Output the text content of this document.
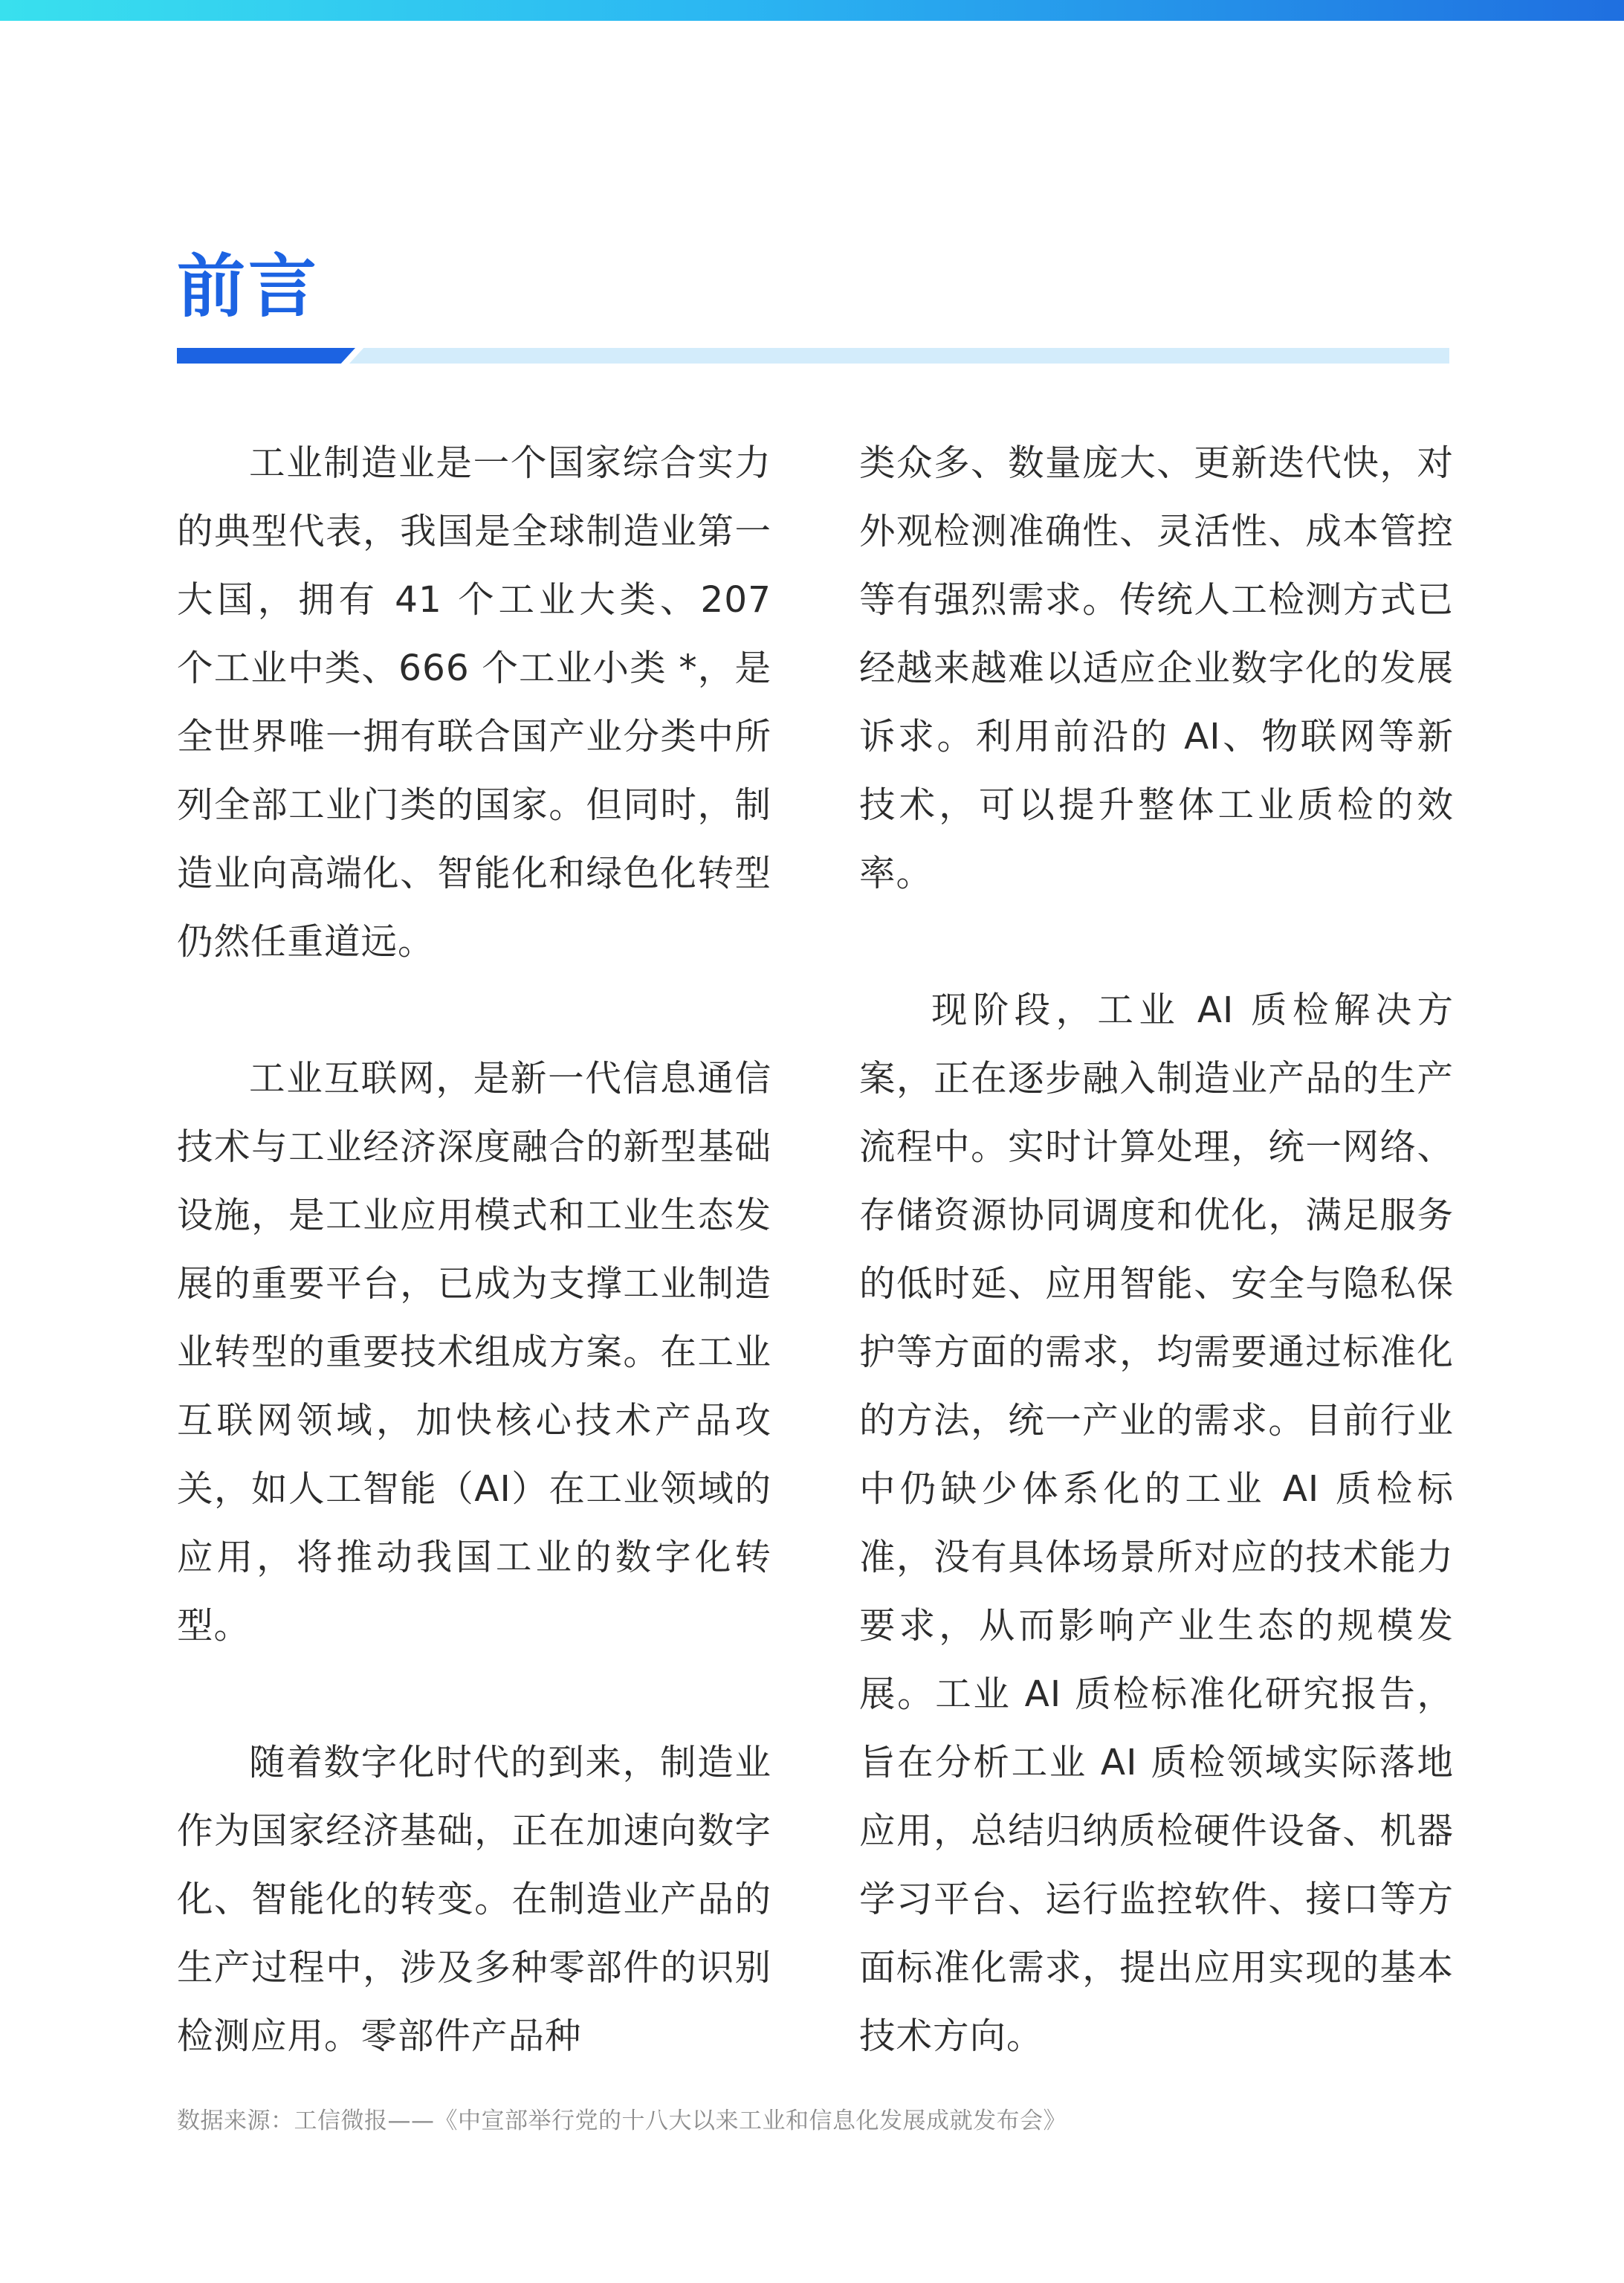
前言

工业制造业是一个国家综合实力的典型代表，我国是全球制造业第一大国，拥有 41 个工业大类、207 个工业中类、666 个工业小类 *，是全世界唯一拥有联合国产业分类中所列全部工业门类的国家。但同时，制造业向高端化、智能化和绿色化转型仍然任重道远。

工业互联网，是新一代信息通信技术与工业经济深度融合的新型基础设施，是工业应用模式和工业生态发展的重要平台，已成为支撑工业制造业转型的重要技术组成方案。在工业互联网领域，加快核心技术产品攻关，如人工智能（AI）在工业领域的应用，将推动我国工业的数字化转型。

随着数字化时代的到来，制造业作为国家经济基础，正在加速向数字化、智能化的转变。在制造业产品的生产过程中，涉及多种零部件的识别检测应用。零部件产品种

类众多、数量庞大、更新迭代快，对外观检测准确性、灵活性、成本管控等有强烈需求。传统人工检测方式已经越来越难以适应企业数字化的发展诉求。利用前沿的 AI、物联网等新技术，可以提升整体工业质检的效率。

现阶段，工业 AI 质检解决方案，正在逐步融入制造业产品的生产流程中。实时计算处理，统一网络、存储资源协同调度和优化，满足服务的低时延、应用智能、安全与隐私保护等方面的需求，均需要通过标准化的方法，统一产业的需求。目前行业中仍缺少体系化的工业 AI 质检标准，没有具体场景所对应的技术能力要求，从而影响产业生态的规模发展。工业 AI 质检标准化研究报告，旨在分析工业 AI 质检领域实际落地应用，总结归纳质检硬件设备、机器学习平台、运行监控软件、接口等方面标准化需求，提出应用实现的基本技术方向。

数据来源：工信微报——《中宣部举行党的十八大以来工业和信息化发展成就发布会》
